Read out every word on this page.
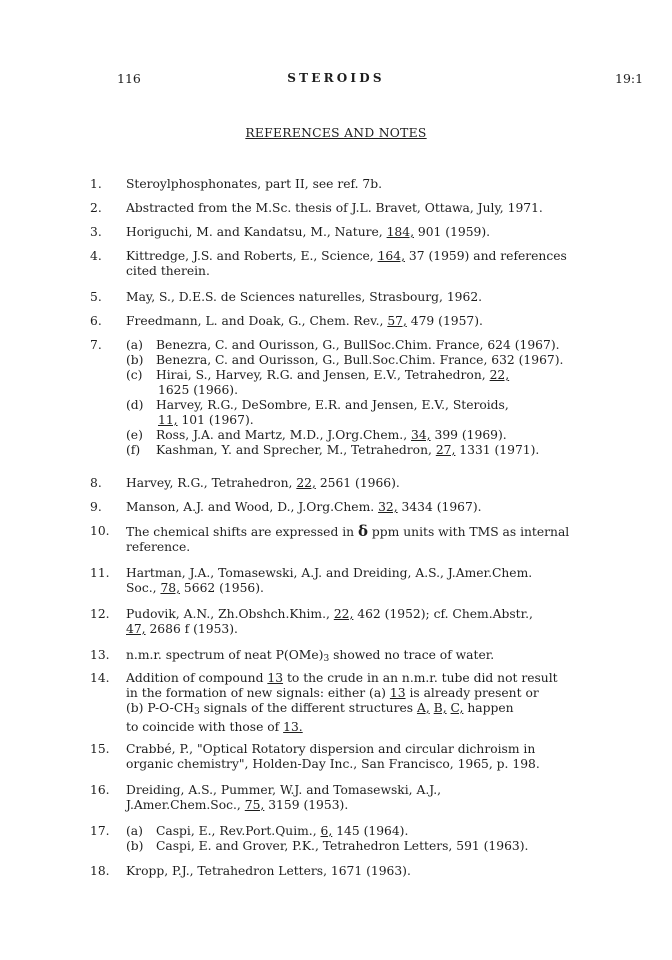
116	STEROIDS	19:1
REFERENCES AND NOTES
1.	Steroylphosphonates, part II, see ref. 7b.
2.	Abstracted from the M.Sc. thesis of J.L. Bravet, Ottawa, July, 1971.
3.	Horiguchi, M. and Kandatsu, M., Nature, 184, 901 (1959).
4.	Kittredge, J.S. and Roberts, E., Science, 164, 37 (1959) and references
cited therein.
5.	May, S., D.E.S. de Sciences naturelles, Strasbourg, 1962.
6.	Freedmann, L. and Doak, G., Chem. Rev., 57, 479 (1957).
7.	(a) Benezra, C. and Ourisson, G., BullSoc.Chim. France, 624 (1967).
(b) Benezra, C. and Ourisson, G., Bull.Soc.Chim. France, 632 (1967).
(c) Hirai, S., Harvey, R.G. and Jensen, E.V., Tetrahedron, 22,
1625 (1966).
(d) Harvey, R.G., DeSombre, E.R. and Jensen, E.V., Steroids,
11, 101 (1967).
(e) Ross, J.A. and Martz, M.D., J.Org.Chem., 34, 399 (1969).
(f) Kashman, Y. and Sprecher, M., Tetrahedron, 27, 1331 (1971).
8.	Harvey, R.G., Tetrahedron, 22, 2561 (1966).
9.	Manson, A.J. and Wood, D., J.Org.Chem. 32, 3434 (1967).
10.	The chemical shifts are expressed in δ ppm units with TMS as internal
reference.
11.	Hartman, J.A., Tomasewski, A.J. and Dreiding, A.S., J.Amer.Chem.
Soc., 78, 5662 (1956).
12.	Pudovik, A.N., Zh.Obshch.Khim., 22, 462 (1952); cf. Chem.Abstr.,
47, 2686 f (1953).
13.	n.m.r. spectrum of neat P(OMe)3 showed no trace of water.
14.	Addition of compound 13 to the crude in an n.m.r. tube did not result
in the formation of new signals: either (a) 13 is already present or
(b) P-O-CH3 signals of the different structures A, B, C, happen
to coincide with those of 13.
15.	Crabbé, P., "Optical Rotatory dispersion and circular dichroism in
organic chemistry", Holden-Day Inc., San Francisco, 1965, p. 198.
16.	Dreiding, A.S., Pummer, W.J. and Tomasewski, A.J.,
J.Amer.Chem.Soc., 75, 3159 (1953).
17.	(a) Caspi, E., Rev.Port.Quim., 6, 145 (1964).
(b) Caspi, E. and Grover, P.K., Tetrahedron Letters, 591 (1963).
18.	Kropp, P.J., Tetrahedron Letters, 1671 (1963).
